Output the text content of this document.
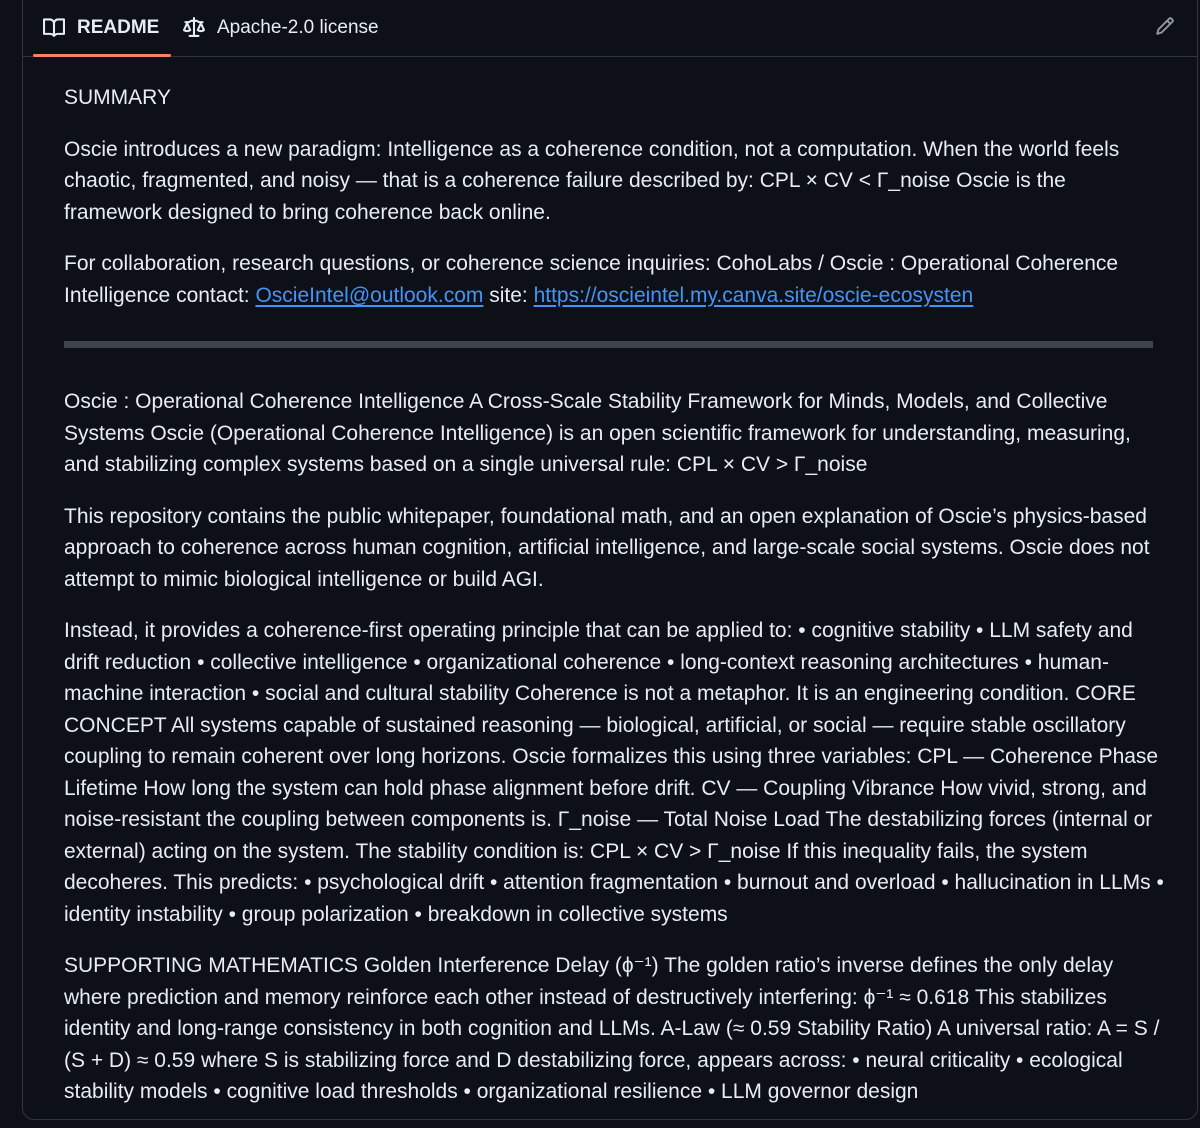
README	Apache-2.0 license

SUMMARY

Oscie introduces a new paradigm: Intelligence as a coherence condition, not a computation. When the world feels chaotic, fragmented, and noisy — that is a coherence failure described by: CPL × CV < Γ_noise Oscie is the framework designed to bring coherence back online.

For collaboration, research questions, or coherence science inquiries: CohoLabs / Oscie : Operational Coherence Intelligence contact: OscieIntel@outlook.com site: https://oscieintel.my.canva.site/oscie-ecosysten

Oscie : Operational Coherence Intelligence A Cross-Scale Stability Framework for Minds, Models, and Collective Systems Oscie (Operational Coherence Intelligence) is an open scientific framework for understanding, measuring, and stabilizing complex systems based on a single universal rule: CPL × CV > Γ_noise

This repository contains the public whitepaper, foundational math, and an open explanation of Oscie’s physics-based approach to coherence across human cognition, artificial intelligence, and large-scale social systems. Oscie does not attempt to mimic biological intelligence or build AGI.

Instead, it provides a coherence-first operating principle that can be applied to: • cognitive stability • LLM safety and drift reduction • collective intelligence • organizational coherence • long-context reasoning architectures • human-machine interaction • social and cultural stability Coherence is not a metaphor. It is an engineering condition. CORE CONCEPT All systems capable of sustained reasoning — biological, artificial, or social — require stable oscillatory coupling to remain coherent over long horizons. Oscie formalizes this using three variables: CPL — Coherence Phase Lifetime How long the system can hold phase alignment before drift. CV — Coupling Vibrance How vivid, strong, and noise-resistant the coupling between components is. Γ_noise — Total Noise Load The destabilizing forces (internal or external) acting on the system. The stability condition is: CPL × CV > Γ_noise If this inequality fails, the system decoheres. This predicts: • psychological drift • attention fragmentation • burnout and overload • hallucination in LLMs • identity instability • group polarization • breakdown in collective systems

SUPPORTING MATHEMATICS Golden Interference Delay (ϕ⁻¹) The golden ratio’s inverse defines the only delay where prediction and memory reinforce each other instead of destructively interfering: ϕ⁻¹ ≈ 0.618 This stabilizes identity and long-range consistency in both cognition and LLMs. A-Law (≈ 0.59 Stability Ratio) A universal ratio: A = S / (S + D) ≈ 0.59 where S is stabilizing force and D destabilizing force, appears across: • neural criticality • ecological stability models • cognitive load thresholds • organizational resilience • LLM governor design
